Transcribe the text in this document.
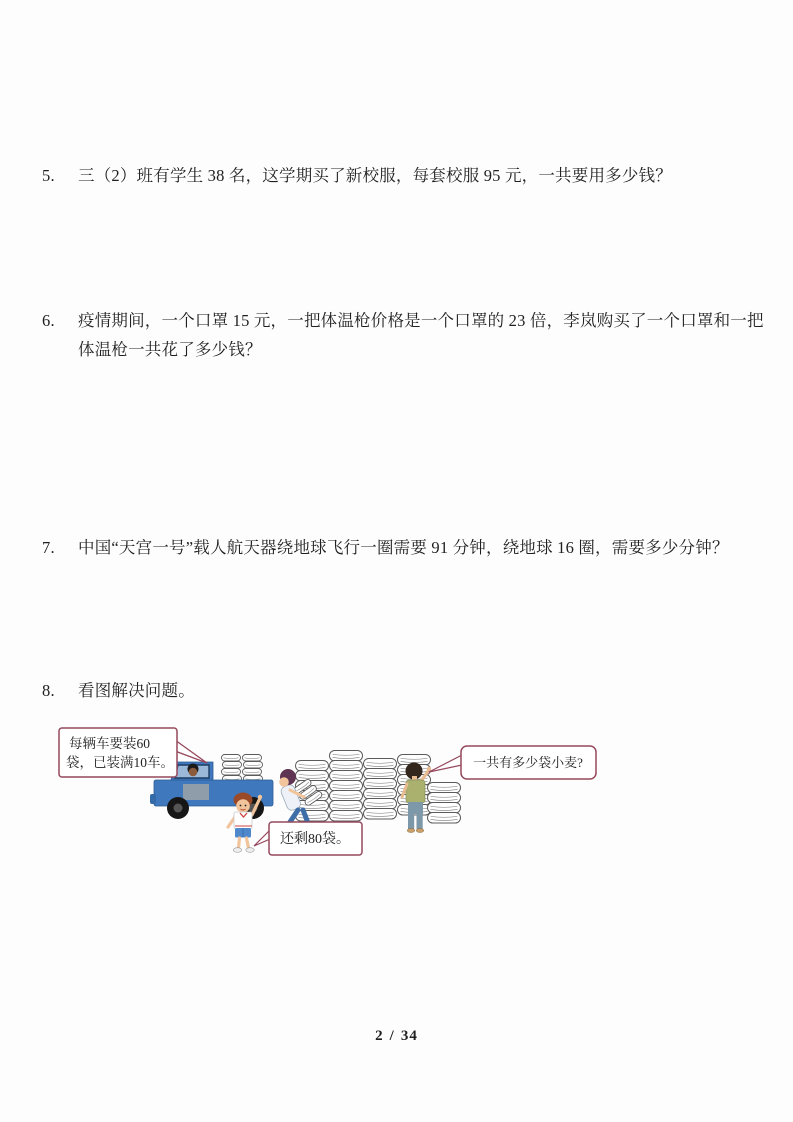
5. 三（2）班有学生 38 名，这学期买了新校服，每套校服 95 元，一共要用多少钱？
6. 疫情期间，一个口罩 15 元，一把体温枪价格是一个口罩的 23 倍，李岚购买了一个口罩和一把
体温枪一共花了多少钱？
7. 中国“天宫一号”载人航天器绕地球飞行一圈需要 91 分钟，绕地球 16 圈，需要多少分钟？
8. 看图解决问题。
每辆车要装60
袋，已装满10车。
还剩80袋。
一共有多少袋小麦?
2 / 34
